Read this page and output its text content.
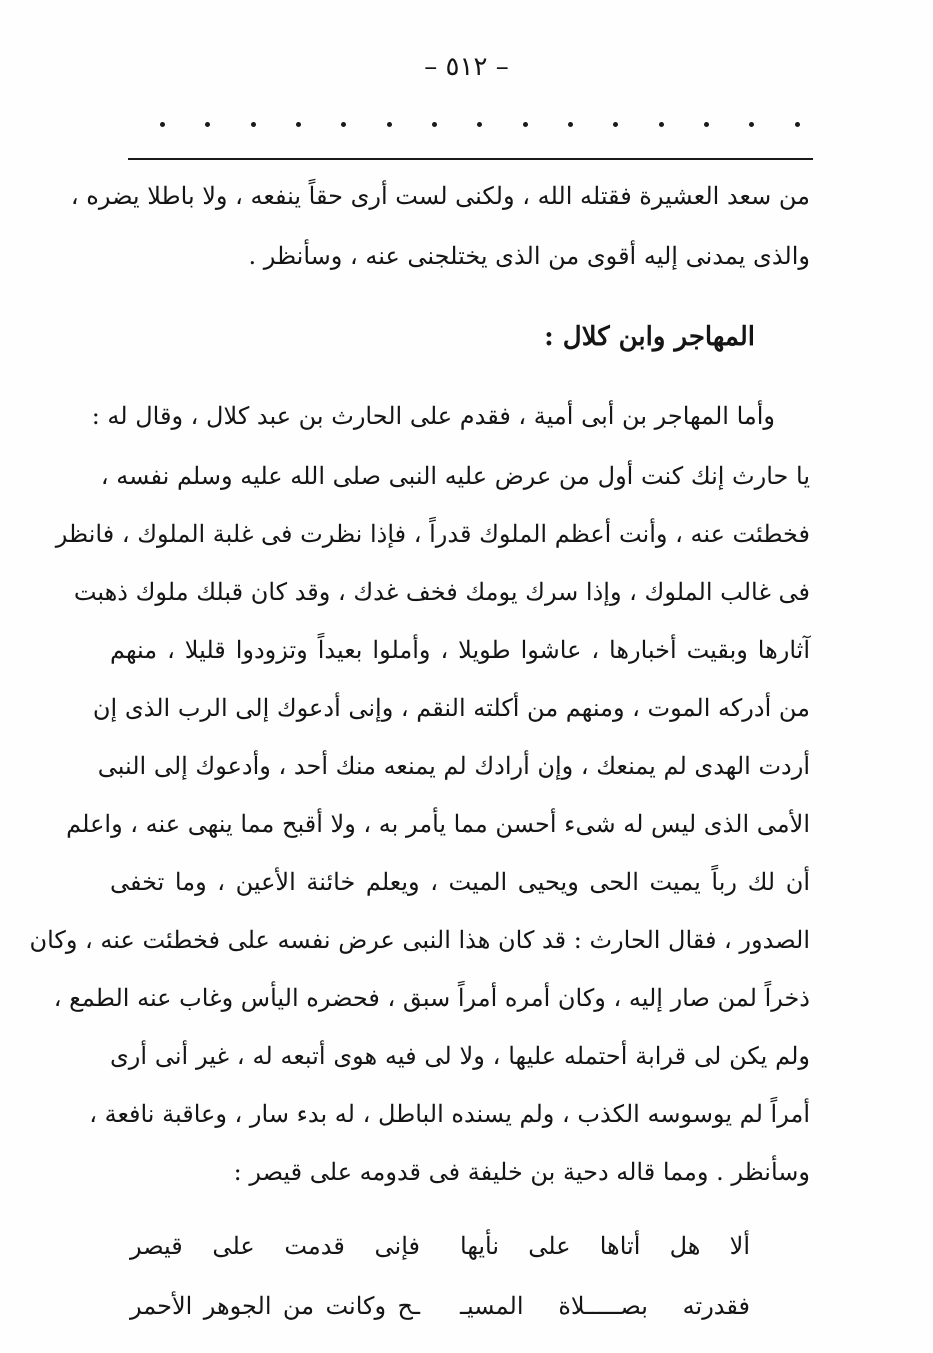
– ٥١٢ –
من سعد العشيرة فقتله الله ، ولكنى لست أرى حقاً ينفعه ، ولا باطلا يضره ،
والذى يمدنى إليه أقوى من الذى يختلجنى عنه ، وسأنظر .
المهاجر وابن كلال :
وأما المهاجر بن أبى أمية ، فقدم على الحارث بن عبد كلال ، وقال له :
يا حارث إنك كنت أول من عرض عليه النبى صلى الله عليه وسلم نفسه ،
فخطئت عنه ، وأنت أعظم الملوك قدراً ، فإذا نظرت فى غلبة الملوك ، فانظر
فى غالب الملوك ، وإذا سرك يومك فخف غدك ، وقد كان قبلك ملوك ذهبت
آثارها وبقيت أخبارها ، عاشوا طويلا ، وأملوا بعيداً وتزودوا قليلا ، منهم
من أدركه الموت ، ومنهم من أكلته النقم ، وإنى أدعوك إلى الرب الذى إن
أردت الهدى لم يمنعك ، وإن أرادك لم يمنعه منك أحد ، وأدعوك إلى النبى
الأمى الذى ليس له شىء أحسن مما يأمر به ، ولا أقبح مما ينهى عنه ، واعلم
أن لك رباً يميت الحى ويحيى الميت ، ويعلم خائنة الأعين ، وما تخفى
الصدور ، فقال الحارث : قد كان هذا النبى عرض نفسه على فخطئت عنه ، وكان
ذخراً لمن صار إليه ، وكان أمره أمراً سبق ، فحضره اليأس وغاب عنه الطمع ،
ولم يكن لى قرابة أحتمله عليها ، ولا لى فيه هوى أتبعه له ، غير أنى أرى
أمراً لم يوسوسه الكذب ، ولم يسنده الباطل ، له بدء سار ، وعاقبة نافعة ،
وسأنظر . ومما قاله دحية بن خليفة فى قدومه على قيصر :
ألا هل أتاها على نأيها
فإنى قدمت على قيصر
فقدرته بصـــــلاة المسيـ
ـح وكانت من الجوهر الأحمر
